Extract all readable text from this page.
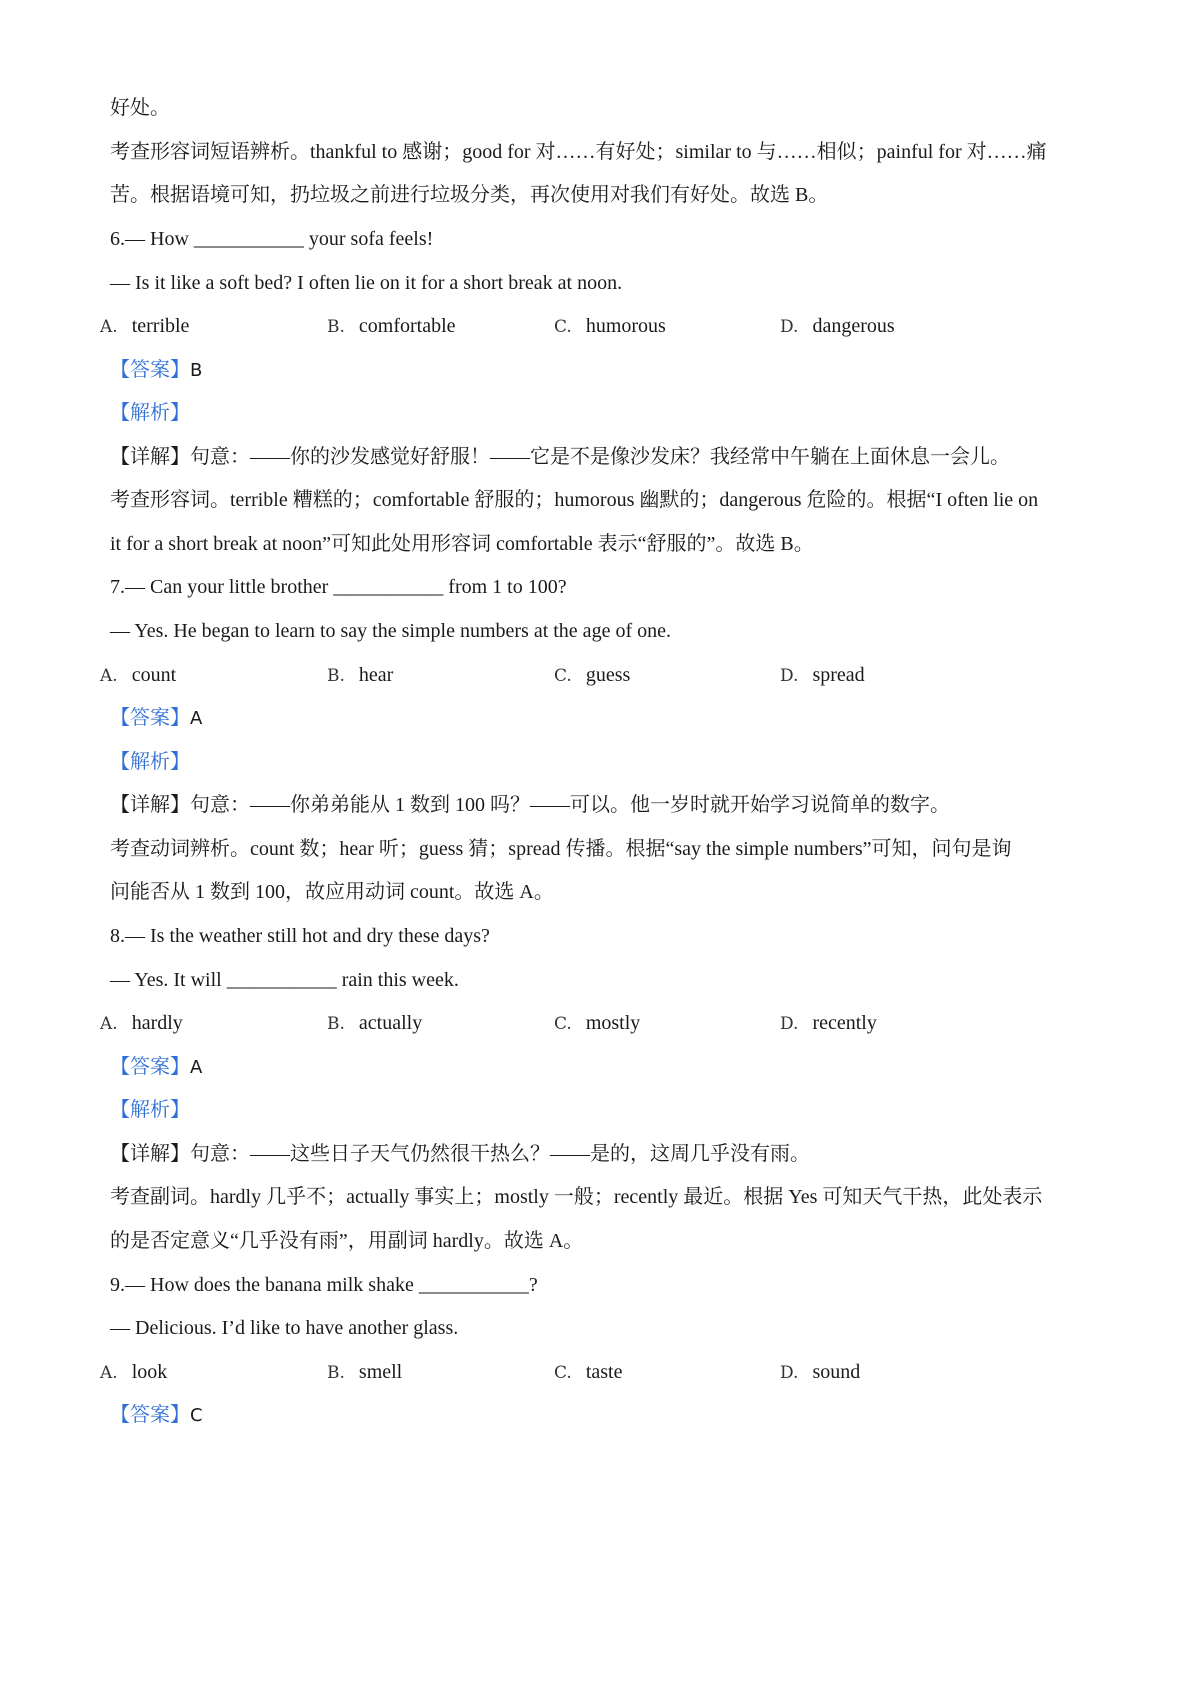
好处。
考查形容词短语辨析。thankful to 感谢；good for 对……有好处；similar to 与……相似；painful for 对……痛
苦。根据语境可知，扔垃圾之前进行垃圾分类，再次使用对我们有好处。故选 B。
6.— How ___________ your sofa feels!
— Is it like a soft bed? I often lie on it for a short break at noon.
A. terrible	B. comfortable	C. humorous	D. dangerous
【答案】B
【解析】
【详解】句意：——你的沙发感觉好舒服！——它是不是像沙发床？我经常中午躺在上面休息一会儿。
考查形容词。terrible 糟糕的；comfortable 舒服的；humorous 幽默的；dangerous 危险的。根据“I often lie on
it for a short break at noon”可知此处用形容词 comfortable 表示“舒服的”。故选 B。
7.— Can your little brother ___________ from 1 to 100?
— Yes. He began to learn to say the simple numbers at the age of one.
A. count	B. hear	C. guess	D. spread
【答案】A
【解析】
【详解】句意：——你弟弟能从 1 数到 100 吗？——可以。他一岁时就开始学习说简单的数字。
考查动词辨析。count 数；hear 听；guess 猜；spread 传播。根据“say the simple numbers”可知，问句是询
问能否从 1 数到 100，故应用动词 count。故选 A。
8.— Is the weather still hot and dry these days?
— Yes. It will ___________ rain this week.
A. hardly	B. actually	C. mostly	D. recently
【答案】A
【解析】
【详解】句意：——这些日子天气仍然很干热么？——是的，这周几乎没有雨。
考查副词。hardly 几乎不；actually 事实上；mostly 一般；recently 最近。根据 Yes 可知天气干热，此处表示
的是否定意义“几乎没有雨”，用副词 hardly。故选 A。
9.— How does the banana milk shake ___________?
— Delicious. I’d like to have another glass.
A. look	B. smell	C. taste	D. sound
【答案】C
